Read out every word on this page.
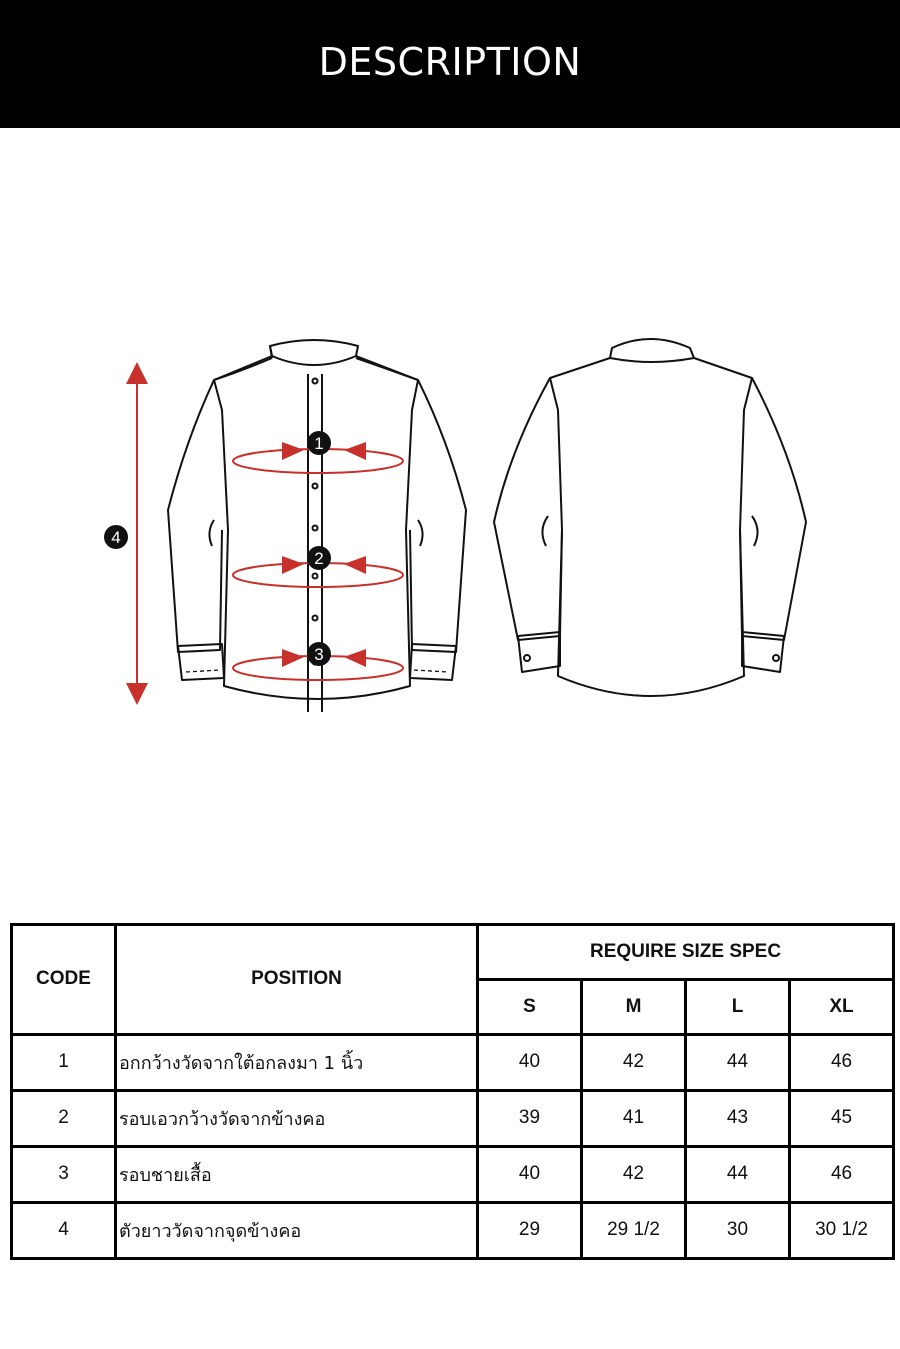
DESCRIPTION
1
2
3
4
CODE	POSITION	REQUIRE SIZE SPEC			
		S	M	L	XL
1	อกกว้างวัดจากใต้อกลงมา 1 นิ้ว	40	42	44	46
2	รอบเอวกว้างวัดจากข้างคอ	39	41	43	45
3	รอบชายเสื้อ	40	42	44	46
4	ตัวยาววัดจากจุดข้างคอ	29	29 1/2	30	30 1/2
